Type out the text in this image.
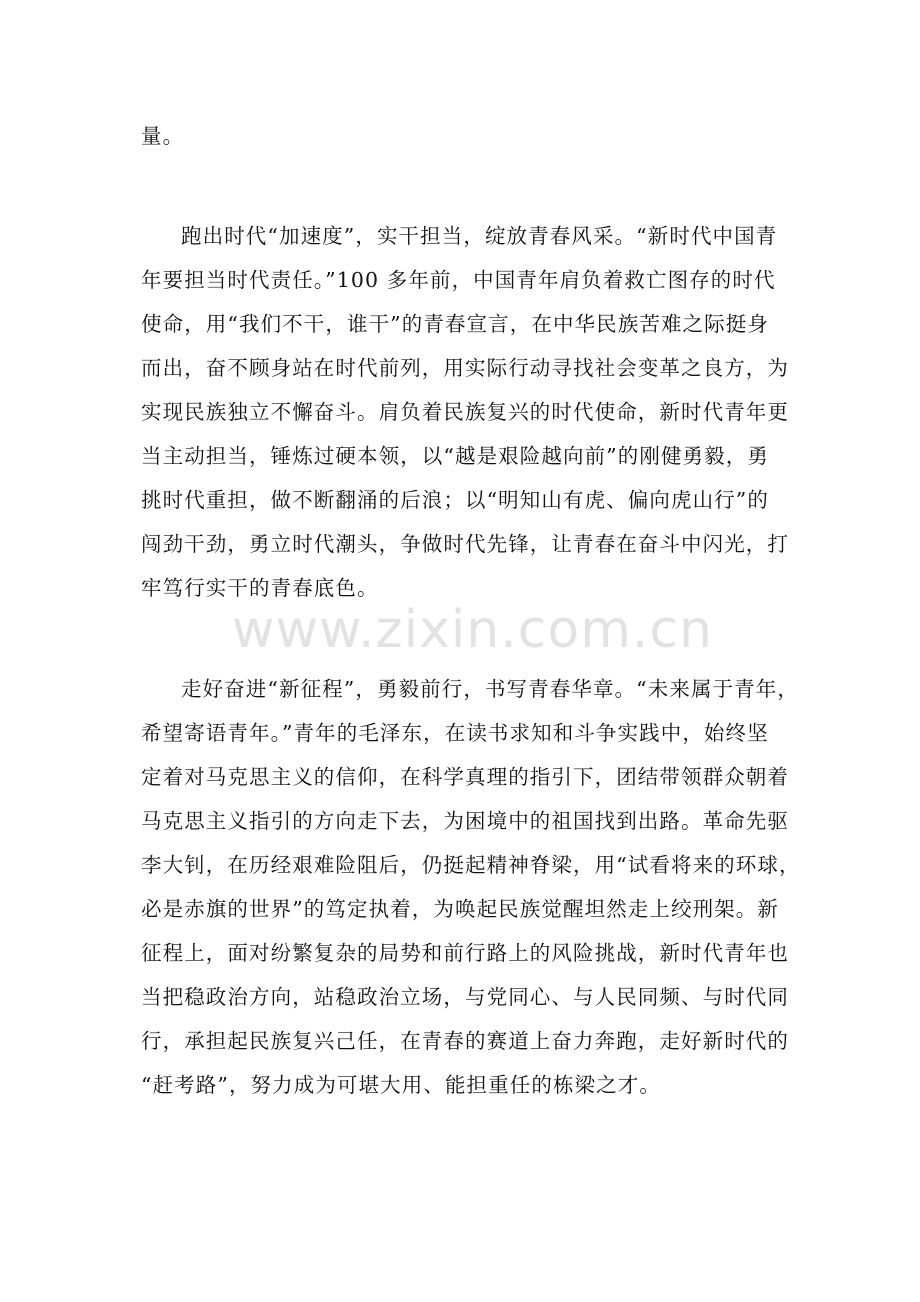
量。
跑出时代“加速度”，实干担当，绽放青春风采。“新时代中国青
年要担当时代责任。”100 多年前，中国青年肩负着救亡图存的时代
使命，用“我们不干，谁干”的青春宣言，在中华民族苦难之际挺身
而出，奋不顾身站在时代前列，用实际行动寻找社会变革之良方，为
实现民族独立不懈奋斗。肩负着民族复兴的时代使命，新时代青年更
当主动担当，锤炼过硬本领，以“越是艰险越向前”的刚健勇毅，勇
挑时代重担，做不断翻涌的后浪；以“明知山有虎、偏向虎山行”的
闯劲干劲，勇立时代潮头，争做时代先锋，让青春在奋斗中闪光，打
牢笃行实干的青春底色。
走好奋进“新征程”，勇毅前行，书写青春华章。“未来属于青年，
希望寄语青年。”青年的毛泽东，在读书求知和斗争实践中，始终坚
定着对马克思主义的信仰，在科学真理的指引下，团结带领群众朝着
马克思主义指引的方向走下去，为困境中的祖国找到出路。革命先驱
李大钊，在历经艰难险阻后，仍挺起精神脊梁，用“试看将来的环球，
必是赤旗的世界”的笃定执着，为唤起民族觉醒坦然走上绞刑架。新
征程上，面对纷繁复杂的局势和前行路上的风险挑战，新时代青年也
当把稳政治方向，站稳政治立场，与党同心、与人民同频、与时代同
行，承担起民族复兴己任，在青春的赛道上奋力奔跑，走好新时代的
“赶考路”，努力成为可堪大用、能担重任的栋梁之才。
www.zixin.com.cn
